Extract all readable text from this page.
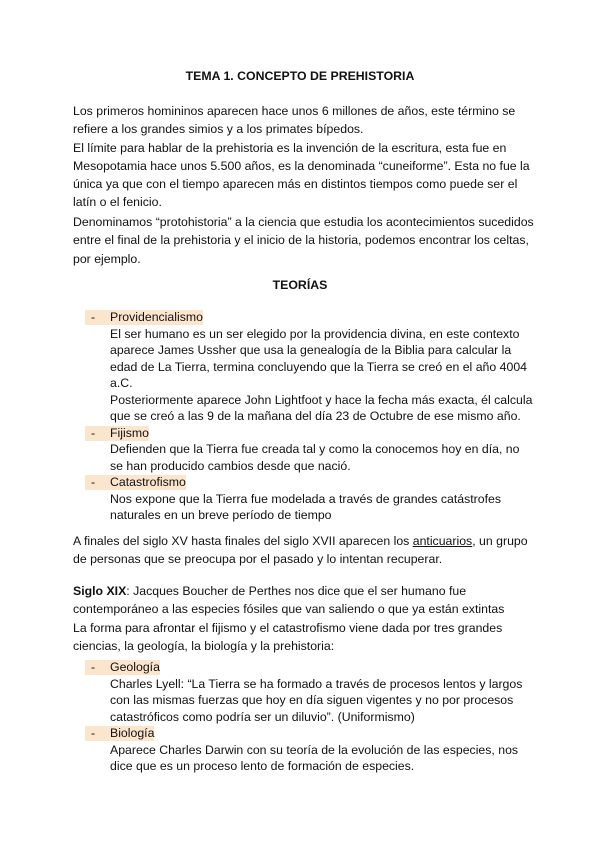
TEMA 1. CONCEPTO DE PREHISTORIA
Los primeros homininos aparecen hace unos 6 millones de años, este término se
refiere a los grandes simios y a los primates bípedos.
El límite para hablar de la prehistoria es la invención de la escritura, esta fue en
Mesopotamia hace unos 5.500 años, es la denominada “cuneiforme”. Esta no fue la
única ya que con el tiempo aparecen más en distintos tiempos como puede ser el
latín o el fenicio.
Denominamos “protohistoria” a la ciencia que estudia los acontecimientos sucedidos
entre el final de la prehistoria y el inicio de la historia, podemos encontrar los celtas,
por ejemplo.
TEORÍAS
- Providencialismo
El ser humano es un ser elegido por la providencia divina, en este contexto
aparece James Ussher que usa la genealogía de la Biblia para calcular la
edad de La Tierra, termina concluyendo que la Tierra se creó en el año 4004
a.C.
Posteriormente aparece John Lightfoot y hace la fecha más exacta, él calcula
que se creó a las 9 de la mañana del día 23 de Octubre de ese mismo año.
- Fijismo
Defienden que la Tierra fue creada tal y como la conocemos hoy en día, no
se han producido cambios desde que nació.
- Catastrofismo
Nos expone que la Tierra fue modelada a través de grandes catástrofes
naturales en un breve período de tiempo
A finales del siglo XV hasta finales del siglo XVII aparecen los anticuarios, un grupo
de personas que se preocupa por el pasado y lo intentan recuperar.
Siglo XIX: Jacques Boucher de Perthes nos dice que el ser humano fue
contemporáneo a las especies fósiles que van saliendo o que ya están extintas
La forma para afrontar el fijismo y el catastrofismo viene dada por tres grandes
ciencias, la geología, la biología y la prehistoria:
- Geología
Charles Lyell: “La Tierra se ha formado a través de procesos lentos y largos
con las mismas fuerzas que hoy en día siguen vigentes y no por procesos
catastróficos como podría ser un diluvio”. (Uniformismo)
- Biología
Aparece Charles Darwin con su teoría de la evolución de las especies, nos
dice que es un proceso lento de formación de especies.
